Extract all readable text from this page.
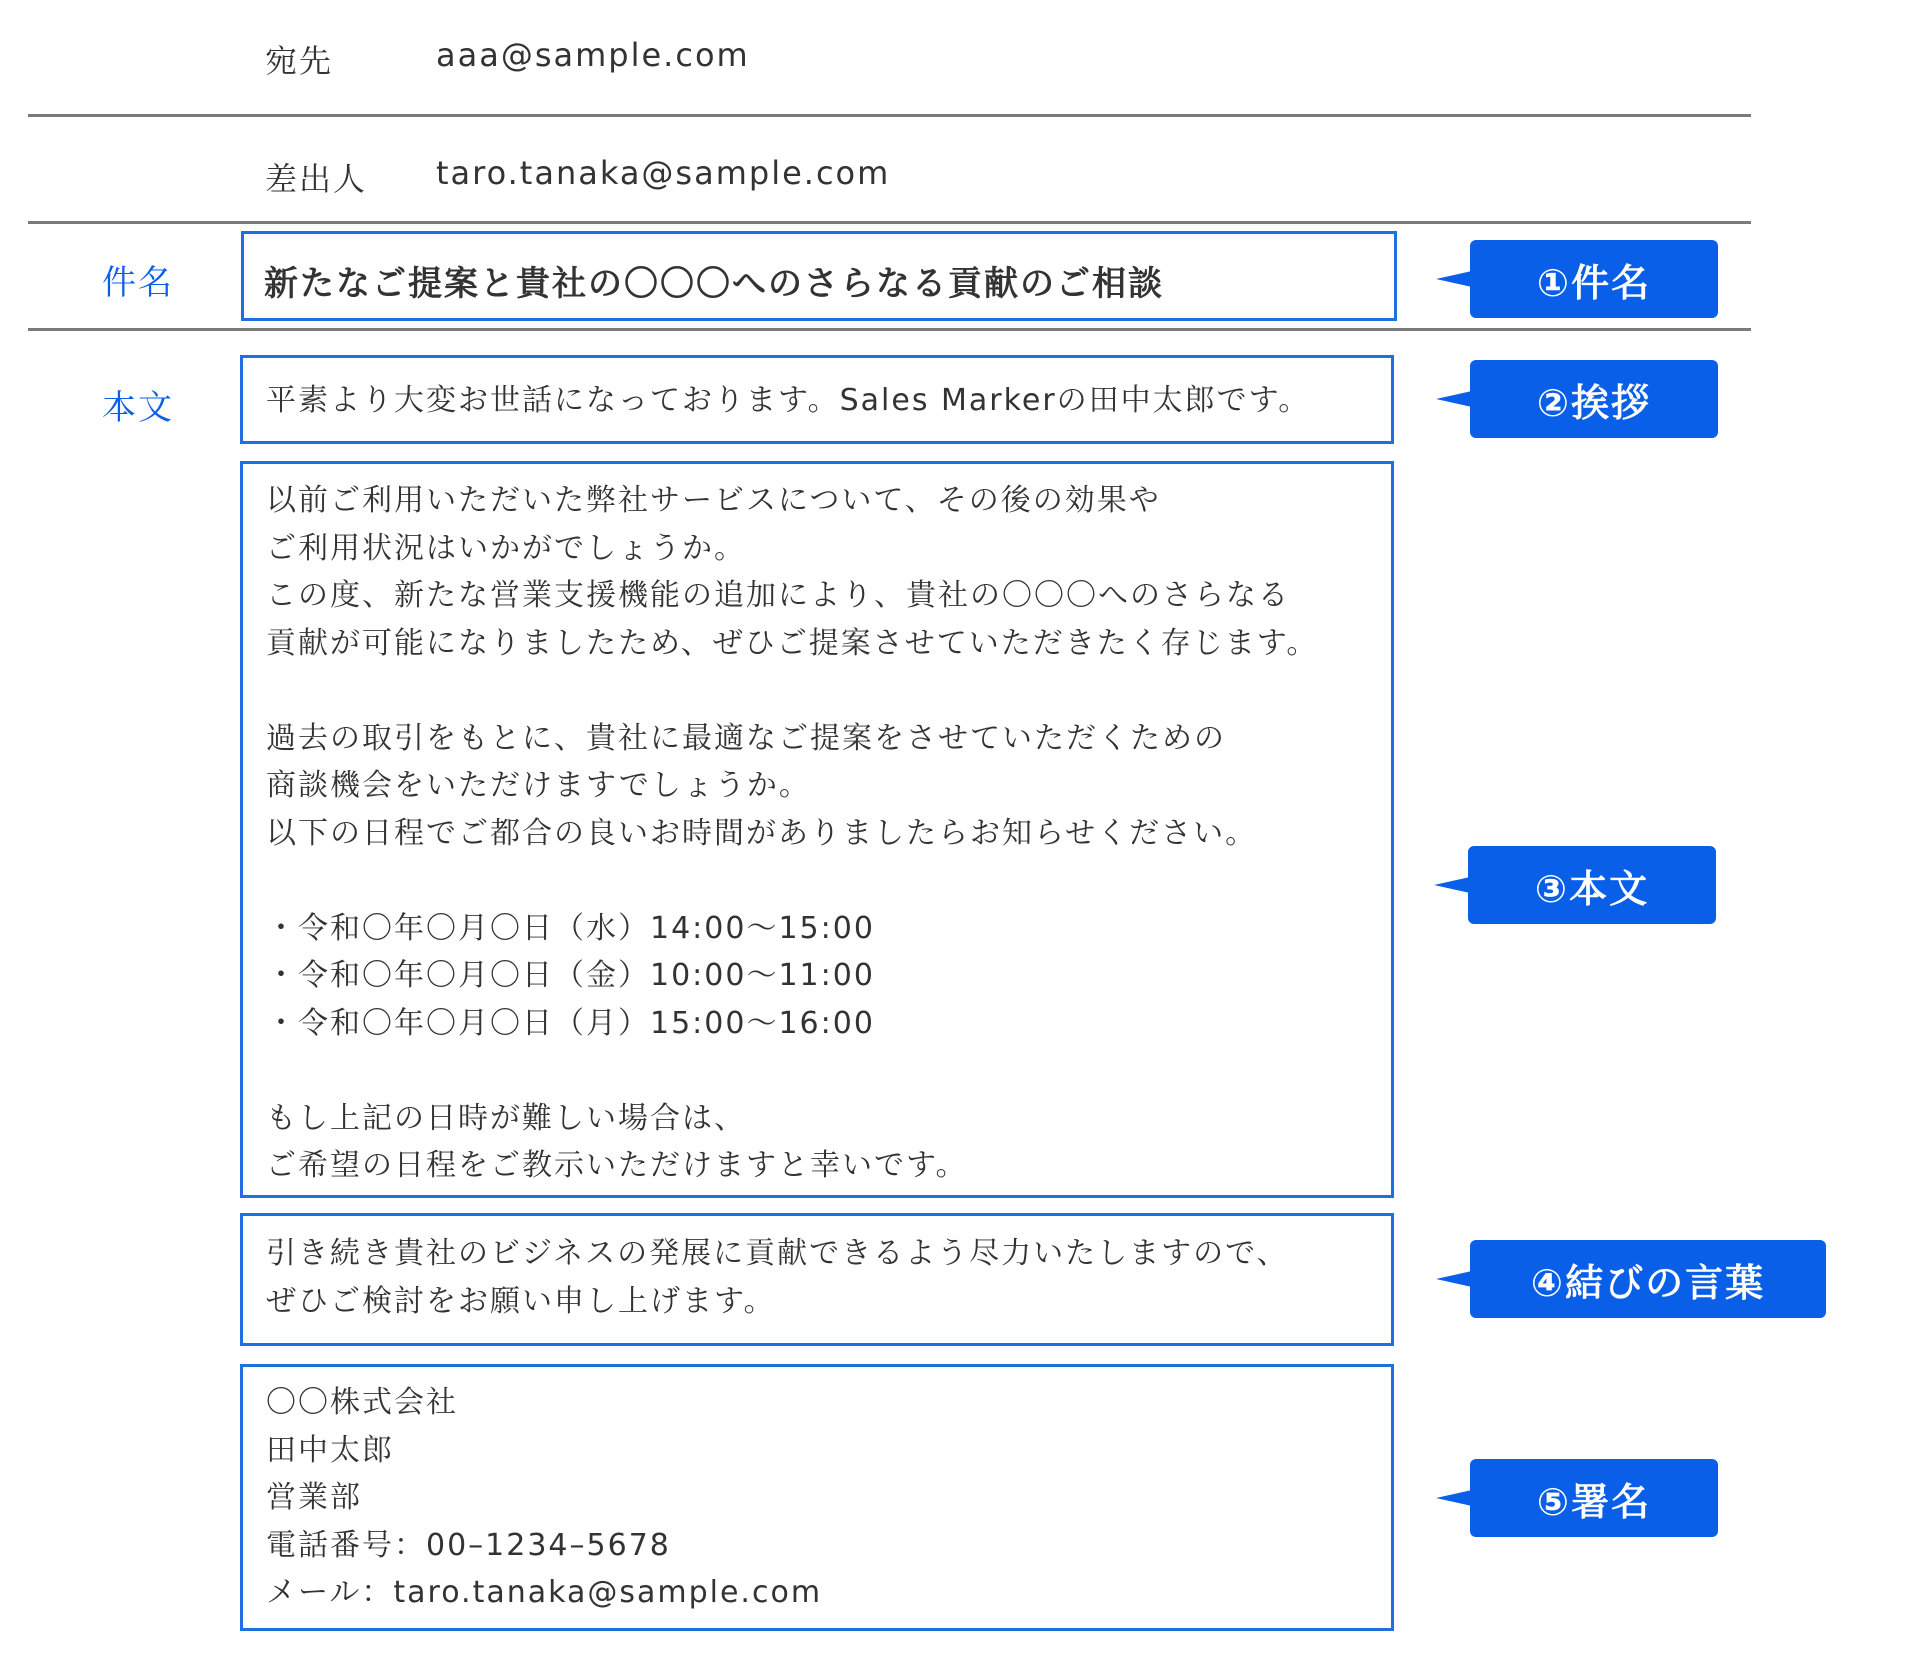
宛先	aaa@sample.com
差出人 taro.tanaka@sample.com
件名	新たなご提案と貴社の〇〇〇へのさらなる貢献のご相談
本文	平素より大変お世話になっております。Sales Markerの田中太郎です。
以前ご利用いただいた弊社サービスについて、その後の効果や
ご利用状況はいかがでしょうか。
この度、新たな営業支援機能の追加により、貴社の〇〇〇へのさらなる
貢献が可能になりましたため、ぜひご提案させていただきたく存じます。
過去の取引をもとに、貴社に最適なご提案をさせていただくための
商談機会をいただけますでしょうか。
以下の日程でご都合の良いお時間がありましたらお知らせください。
・令和〇年〇月〇日（水）14:00〜15:00
・令和〇年〇月〇日（金）10:00〜11:00
・令和〇年〇月〇日（月）15:00〜16:00
もし上記の日時が難しい場合は、
ご希望の日程をご教示いただけますと幸いです。
引き続き貴社のビジネスの発展に貢献できるよう尽力いたしますので、
ぜひご検討をお願い申し上げます。
〇〇株式会社
田中太郎
営業部
電話番号：00–1234–5678
メール：taro.tanaka@sample.com
①件名
②挨拶
③本文
④結びの言葉
⑤署名
